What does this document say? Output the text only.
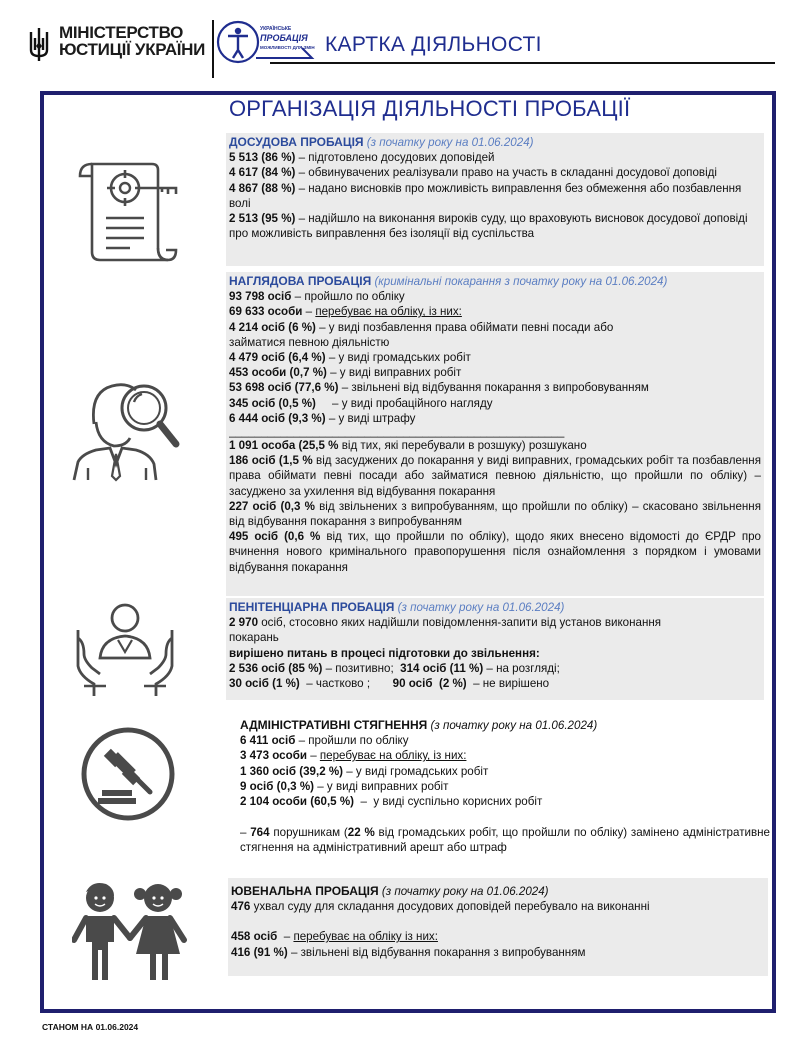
МІНІСТЕРСТВО
ЮСТИЦІЇ УКРАЇНИ
УКРАЇНСЬКЕ
ПРОБАЦІЯ
МОЖЛИВОСТІ ДЛЯ ЗМІН КАРТКА ДІЯЛЬНОСТІ
ОРГАНІЗАЦІЯ ДІЯЛЬНОСТІ ПРОБАЦІЇ

ДОСУДОВА ПРОБАЦІЯ (з початку року на 01.06.2024)

5 513 (86 %) – підготовлено досудових доповідей

4 617 (84 %) – обвинувачених реалізували право на участь в складанні досудової доповіді

4 867 (88 %) – надано висновків про можливість виправлення без обмеження або позбавлення волі

2 513 (95 %) – надійшло на виконання вироків суду, що враховують висновок досудової доповіді про можливість виправлення без ізоляції від суспільства

НАГЛЯДОВА ПРОБАЦІЯ (кримінальні покарання з початку року на 01.06.2024)

93 798 осіб – пройшло по обліку

69 633 особи – перебуває на обліку, із них:

4 214 осіб (6 %) – у виді позбавлення права обіймати певні посади або займатися певною діяльністю

4 479 осіб (6,4 %) – у виді громадських робіт

453 особи (0,7 %) – у виді виправних робіт

53 698 осіб (77,6 %) – звільнені від відбування покарання з випробовуванням

345 осіб (0,5 %)     – у виді пробаційного нагляду

6 444 осіб (9,3 %) – у виді штрафу

____________________________________________________

1 091 особа (25,5 % від тих, які перебували в розшуку) розшукано

186 осіб (1,5 % від засуджених до покарання у виді виправних, громадських робіт та позбавлення права обіймати певні посади або займатися певною діяльністю, що пройшли по обліку) – засуджено за ухилення від відбування покарання

227 осіб (0,3 % від звільнених з випробуванням, що пройшли по обліку) – скасовано звільнення від відбування покарання з випробуванням

495 осіб (0,6 % від тих, що пройшли по обліку), щодо яких внесено відомості до ЄРДР про вчинення нового кримінального правопорушення після ознайомлення з порядком і умовами відбування покарання

ПЕНІТЕНЦІАРНА ПРОБАЦІЯ (з початку року на 01.06.2024)

2 970 осіб, стосовно яких надійшли повідомлення-запити від установ виконання покарань

вирішено питань в процесі підготовки до звільнення:

2 536 осіб (85 %) – позитивно;  314 осіб (11 %) – на розгляді;

30 осіб (1 %)  – частково ;       90 осіб  (2 %)  – не вирішено

АДМІНІСТРАТИВНІ СТЯГНЕННЯ (з початку року на 01.06.2024)

6 411 осіб – пройшли по обліку

3 473 особи – перебуває на обліку, із них:

1 360 осіб (39,2 %) – у виді громадських робіт

9 осіб (0,3 %) – у виді виправних робіт

2 104 особи (60,5 %)  –  у виді суспільно корисних робіт

– 764 порушникам (22 % від громадських робіт, що пройшли по обліку) замінено адміністративне стягнення на адміністративний арешт або штраф

ЮВЕНАЛЬНА ПРОБАЦІЯ (з початку року на 01.06.2024)

476 ухвал суду для складання досудових доповідей перебувало на виконанні

458 осіб  – перебуває на обліку із них:

416 (91 %) – звільнені від відбування покарання з випробуванням

СТАНОМ НА 01.06.2024
